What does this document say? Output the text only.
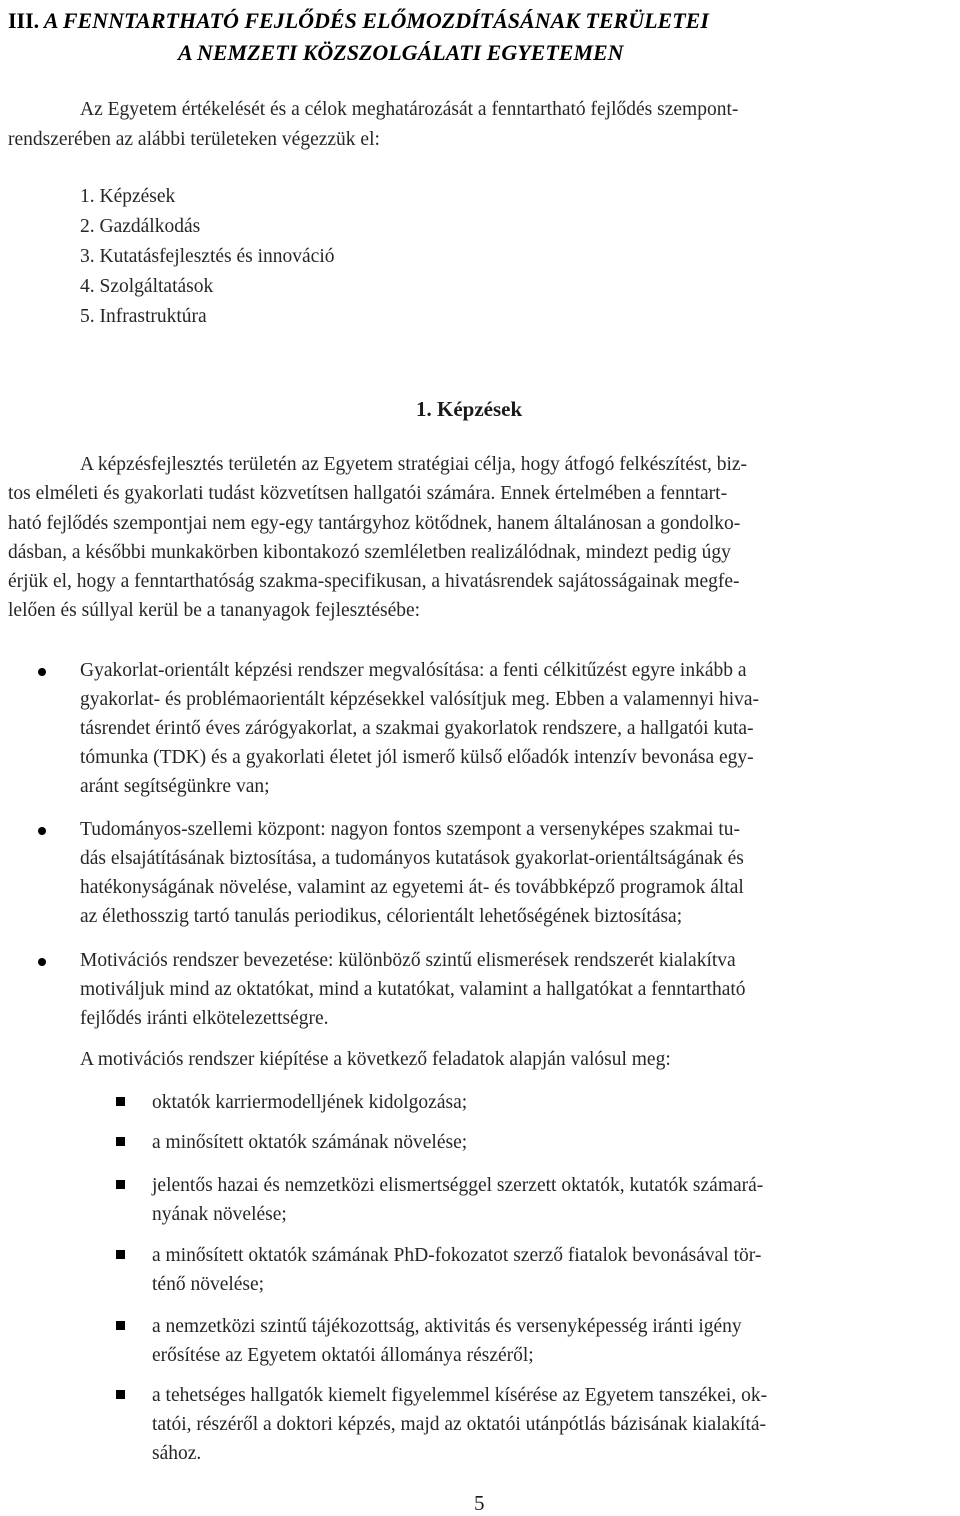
III. A FENNTARTHATÓ FEJLŐDÉS ELŐMOZDÍTÁSÁNAK TERÜLETEI
A NEMZETI KÖZSZOLGÁLATI EGYETEMEN
Az Egyetem értékelését és a célok meghatározását a fenntartható fejlődés szempont-
rendszerében az alábbi területeken végezzük el:
1. Képzések
2. Gazdálkodás
3. Kutatásfejlesztés és innováció
4. Szolgáltatások
5. Infrastruktúra
1. Képzések
A képzésfejlesztés területén az Egyetem stratégiai célja, hogy átfogó felkészítést, biz-
tos elméleti és gyakorlati tudást közvetítsen hallgatói számára. Ennek értelmében a fenntart-
ható fejlődés szempontjai nem egy-egy tantárgyhoz kötődnek, hanem általánosan a gondolko-
dásban, a későbbi munkakörben kibontakozó szemléletben realizálódnak, mindezt pedig úgy
érjük el, hogy a fenntarthatóság szakma-specifikusan, a hivatásrendek sajátosságainak megfe-
lelően és súllyal kerül be a tananyagok fejlesztésébe:
Gyakorlat-orientált képzési rendszer megvalósítása: a fenti célkitűzést egyre inkább a
gyakorlat- és problémaorientált képzésekkel valósítjuk meg. Ebben a valamennyi hiva-
tásrendet érintő éves zárógyakorlat, a szakmai gyakorlatok rendszere, a hallgatói kuta-
tómunka (TDK) és a gyakorlati életet jól ismerő külső előadók intenzív bevonása egy-
aránt segítségünkre van;
Tudományos-szellemi központ: nagyon fontos szempont a versenyképes szakmai tu-
dás elsajátításának biztosítása, a tudományos kutatások gyakorlat-orientáltságának és
hatékonyságának növelése, valamint az egyetemi át- és továbbképző programok által
az élethosszig tartó tanulás periodikus, célorientált lehetőségének biztosítása;
Motivációs rendszer bevezetése: különböző szintű elismerések rendszerét kialakítva
motiváljuk mind az oktatókat, mind a kutatókat, valamint a hallgatókat a fenntartható
fejlődés iránti elkötelezettségre.
A motivációs rendszer kiépítése a következő feladatok alapján valósul meg:
oktatók karriermodelljének kidolgozása;
a minősített oktatók számának növelése;
jelentős hazai és nemzetközi elismertséggel szerzett oktatók, kutatók számará-
nyának növelése;
a minősített oktatók számának PhD-fokozatot szerző fiatalok bevonásával tör-
ténő növelése;
a nemzetközi szintű tájékozottság, aktivitás és versenyképesség iránti igény
erősítése az Egyetem oktatói állománya részéről;
a tehetséges hallgatók kiemelt figyelemmel kísérése az Egyetem tanszékei, ok-
tatói, részéről a doktori képzés, majd az oktatói utánpótlás bázisának kialakítá-
sához.
5
